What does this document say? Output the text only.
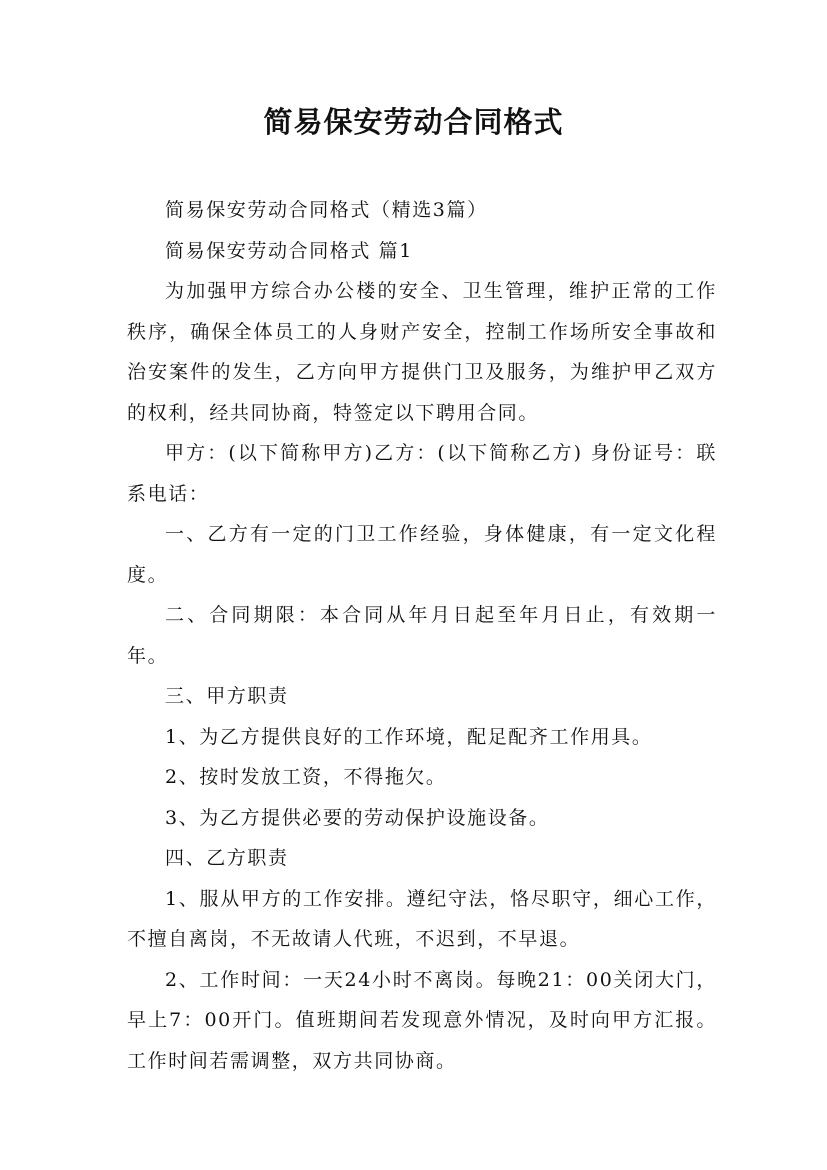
简易保安劳动合同格式

简易保安劳动合同格式（精选3篇）

简易保安劳动合同格式 篇1

为加强甲方综合办公楼的安全、卫生管理，维护正常的工作秩序，确保全体员工的人身财产安全，控制工作场所安全事故和治安案件的发生，乙方向甲方提供门卫及服务，为维护甲乙双方的权利，经共同协商，特签定以下聘用合同。

甲方：(以下简称甲方)乙方：(以下简称乙方) 身份证号：联系电话：

一、乙方有一定的门卫工作经验，身体健康，有一定文化程度。

二、合同期限：本合同从年月日起至年月日止，有效期一年。

三、甲方职责

1、为乙方提供良好的工作环境，配足配齐工作用具。

2、按时发放工资，不得拖欠。

3、为乙方提供必要的劳动保护设施设备。

四、乙方职责

1、服从甲方的工作安排。遵纪守法，恪尽职守，细心工作，不擅自离岗，不无故请人代班，不迟到，不早退。

2、工作时间：一天24小时不离岗。每晚21：00关闭大门，早上7：00开门。值班期间若发现意外情况，及时向甲方汇报。工作时间若需调整，双方共同协商。
